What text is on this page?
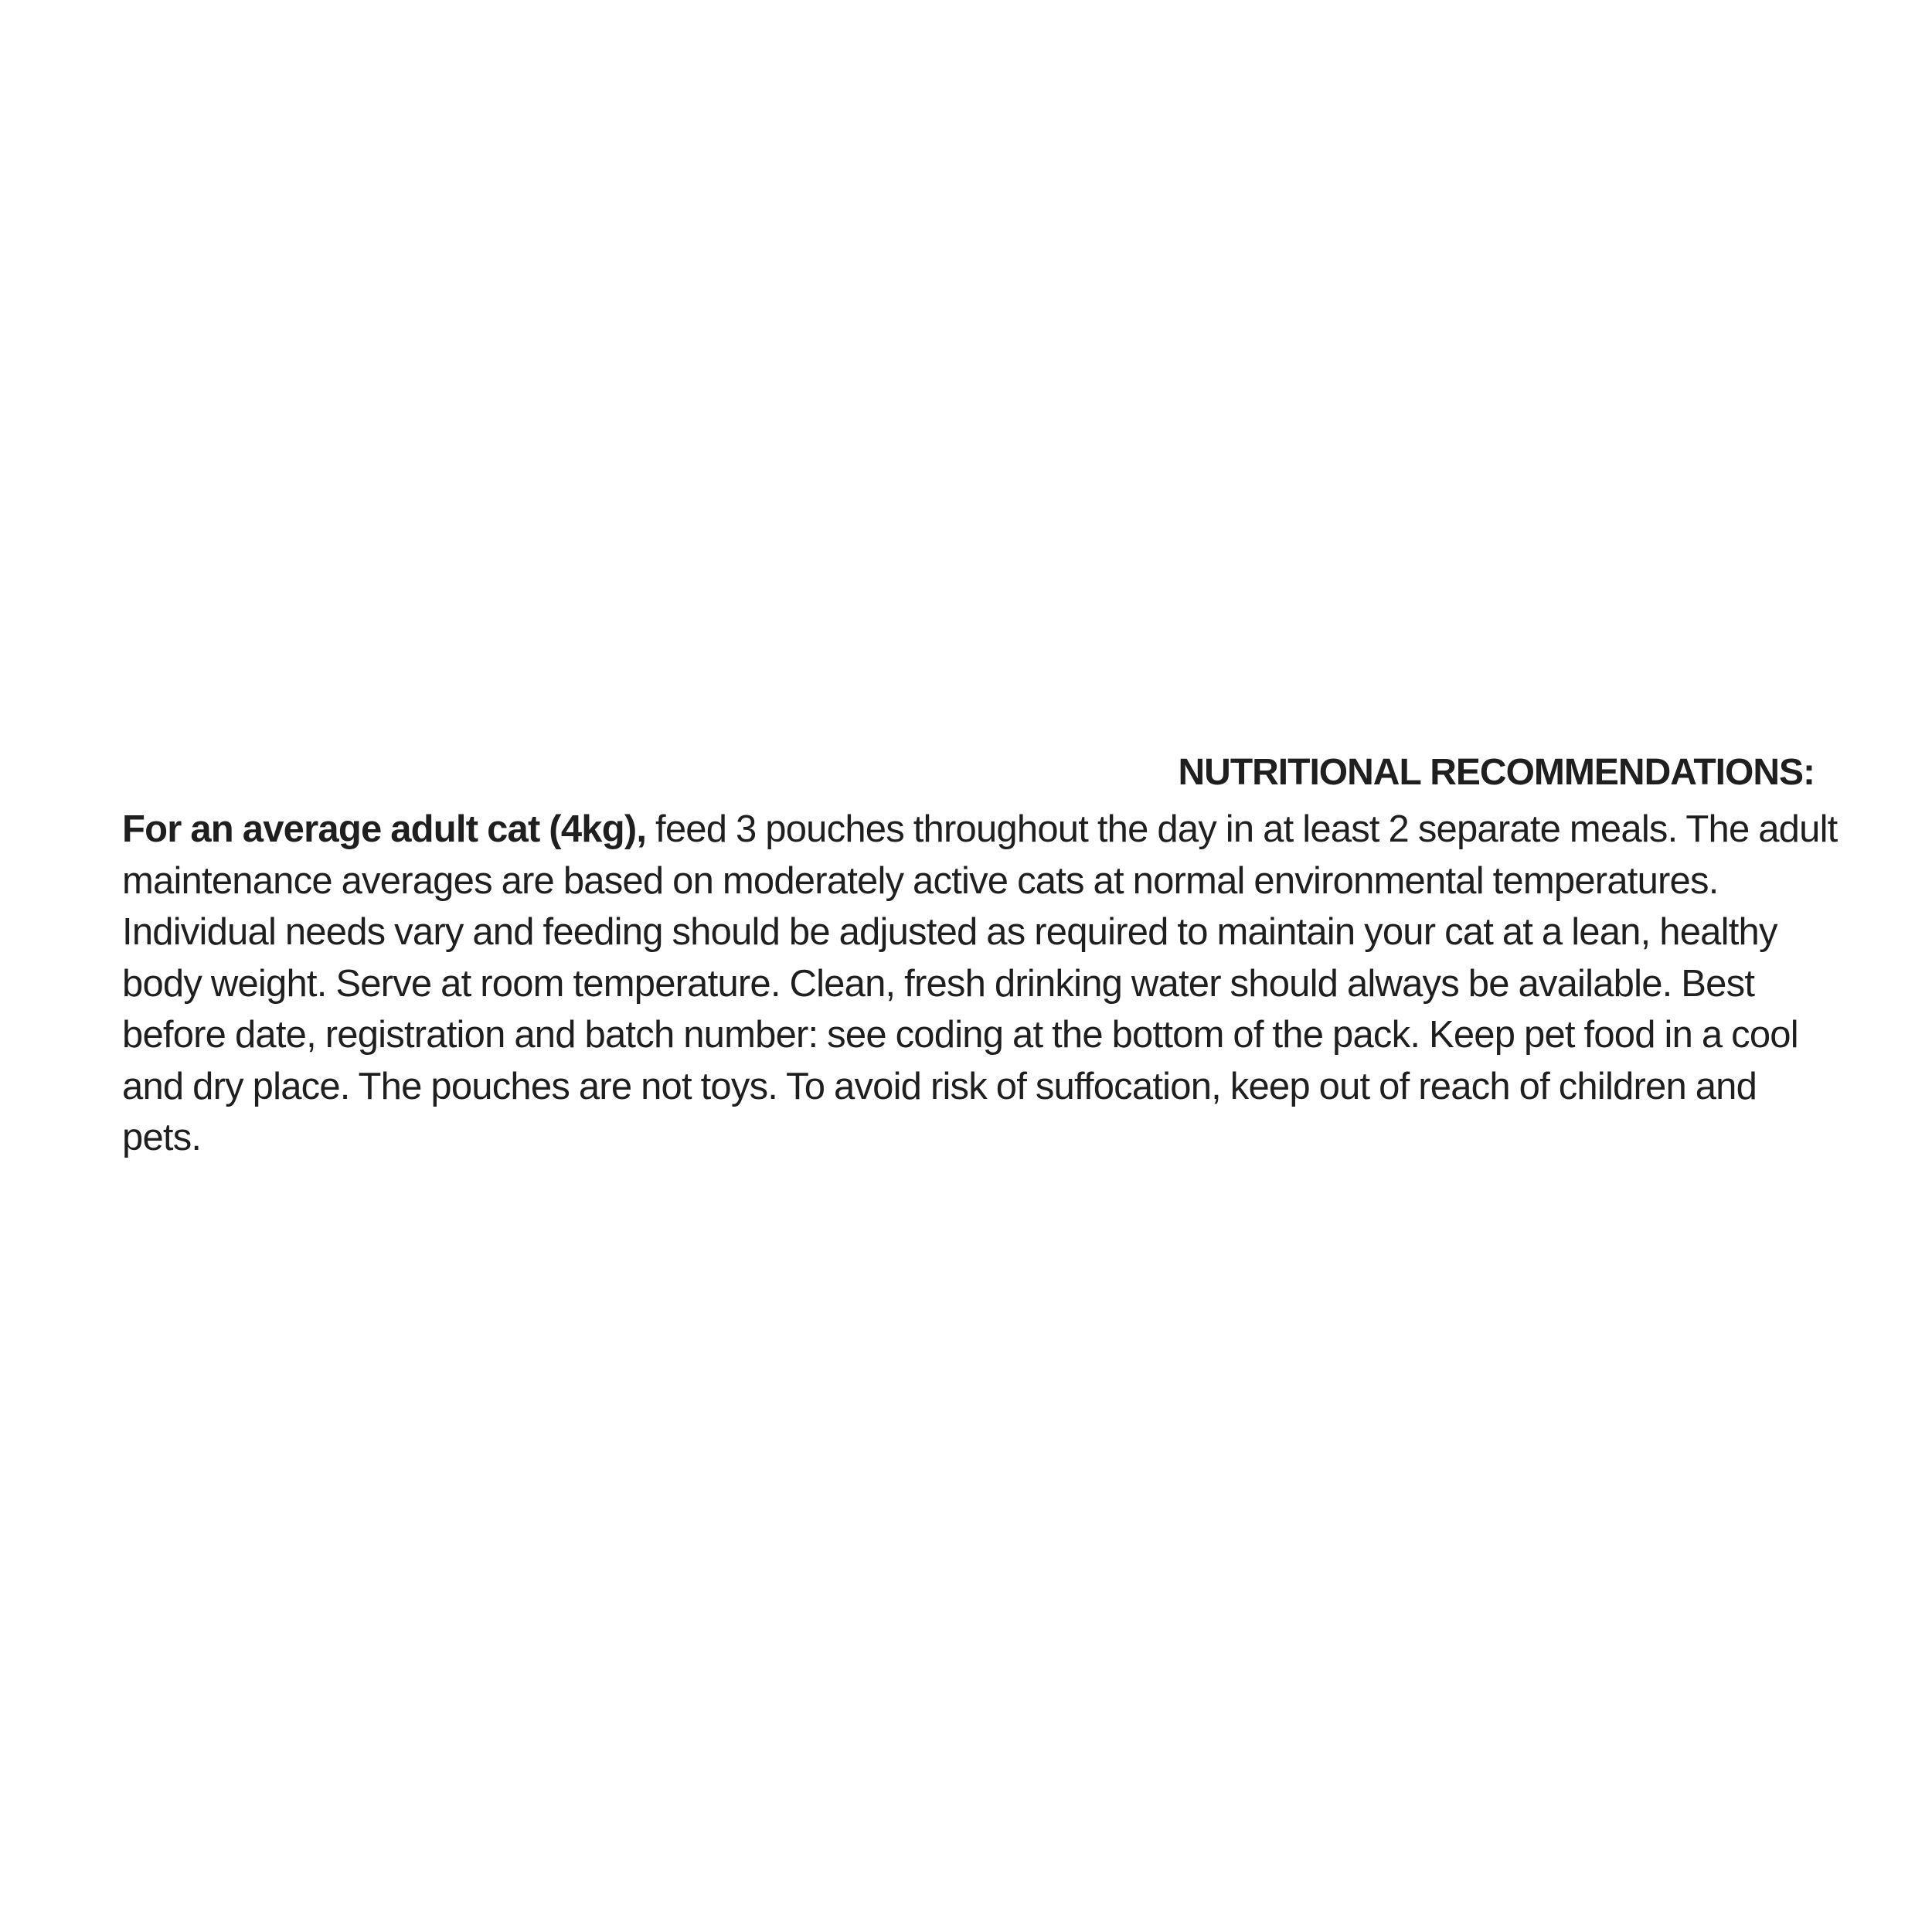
NUTRITIONAL RECOMMENDATIONS:

For an average adult cat (4kg), feed 3 pouches throughout the day in at least 2 separate meals. The adult
maintenance averages are based on moderately active cats at normal environmental temperatures.
Individual needs vary and feeding should be adjusted as required to maintain your cat at a lean, healthy
body weight. Serve at room temperature. Clean, fresh drinking water should always be available. Best
before date, registration and batch number: see coding at the bottom of the pack. Keep pet food in a cool
and dry place. The pouches are not toys. To avoid risk of suffocation, keep out of reach of children and
pets.
